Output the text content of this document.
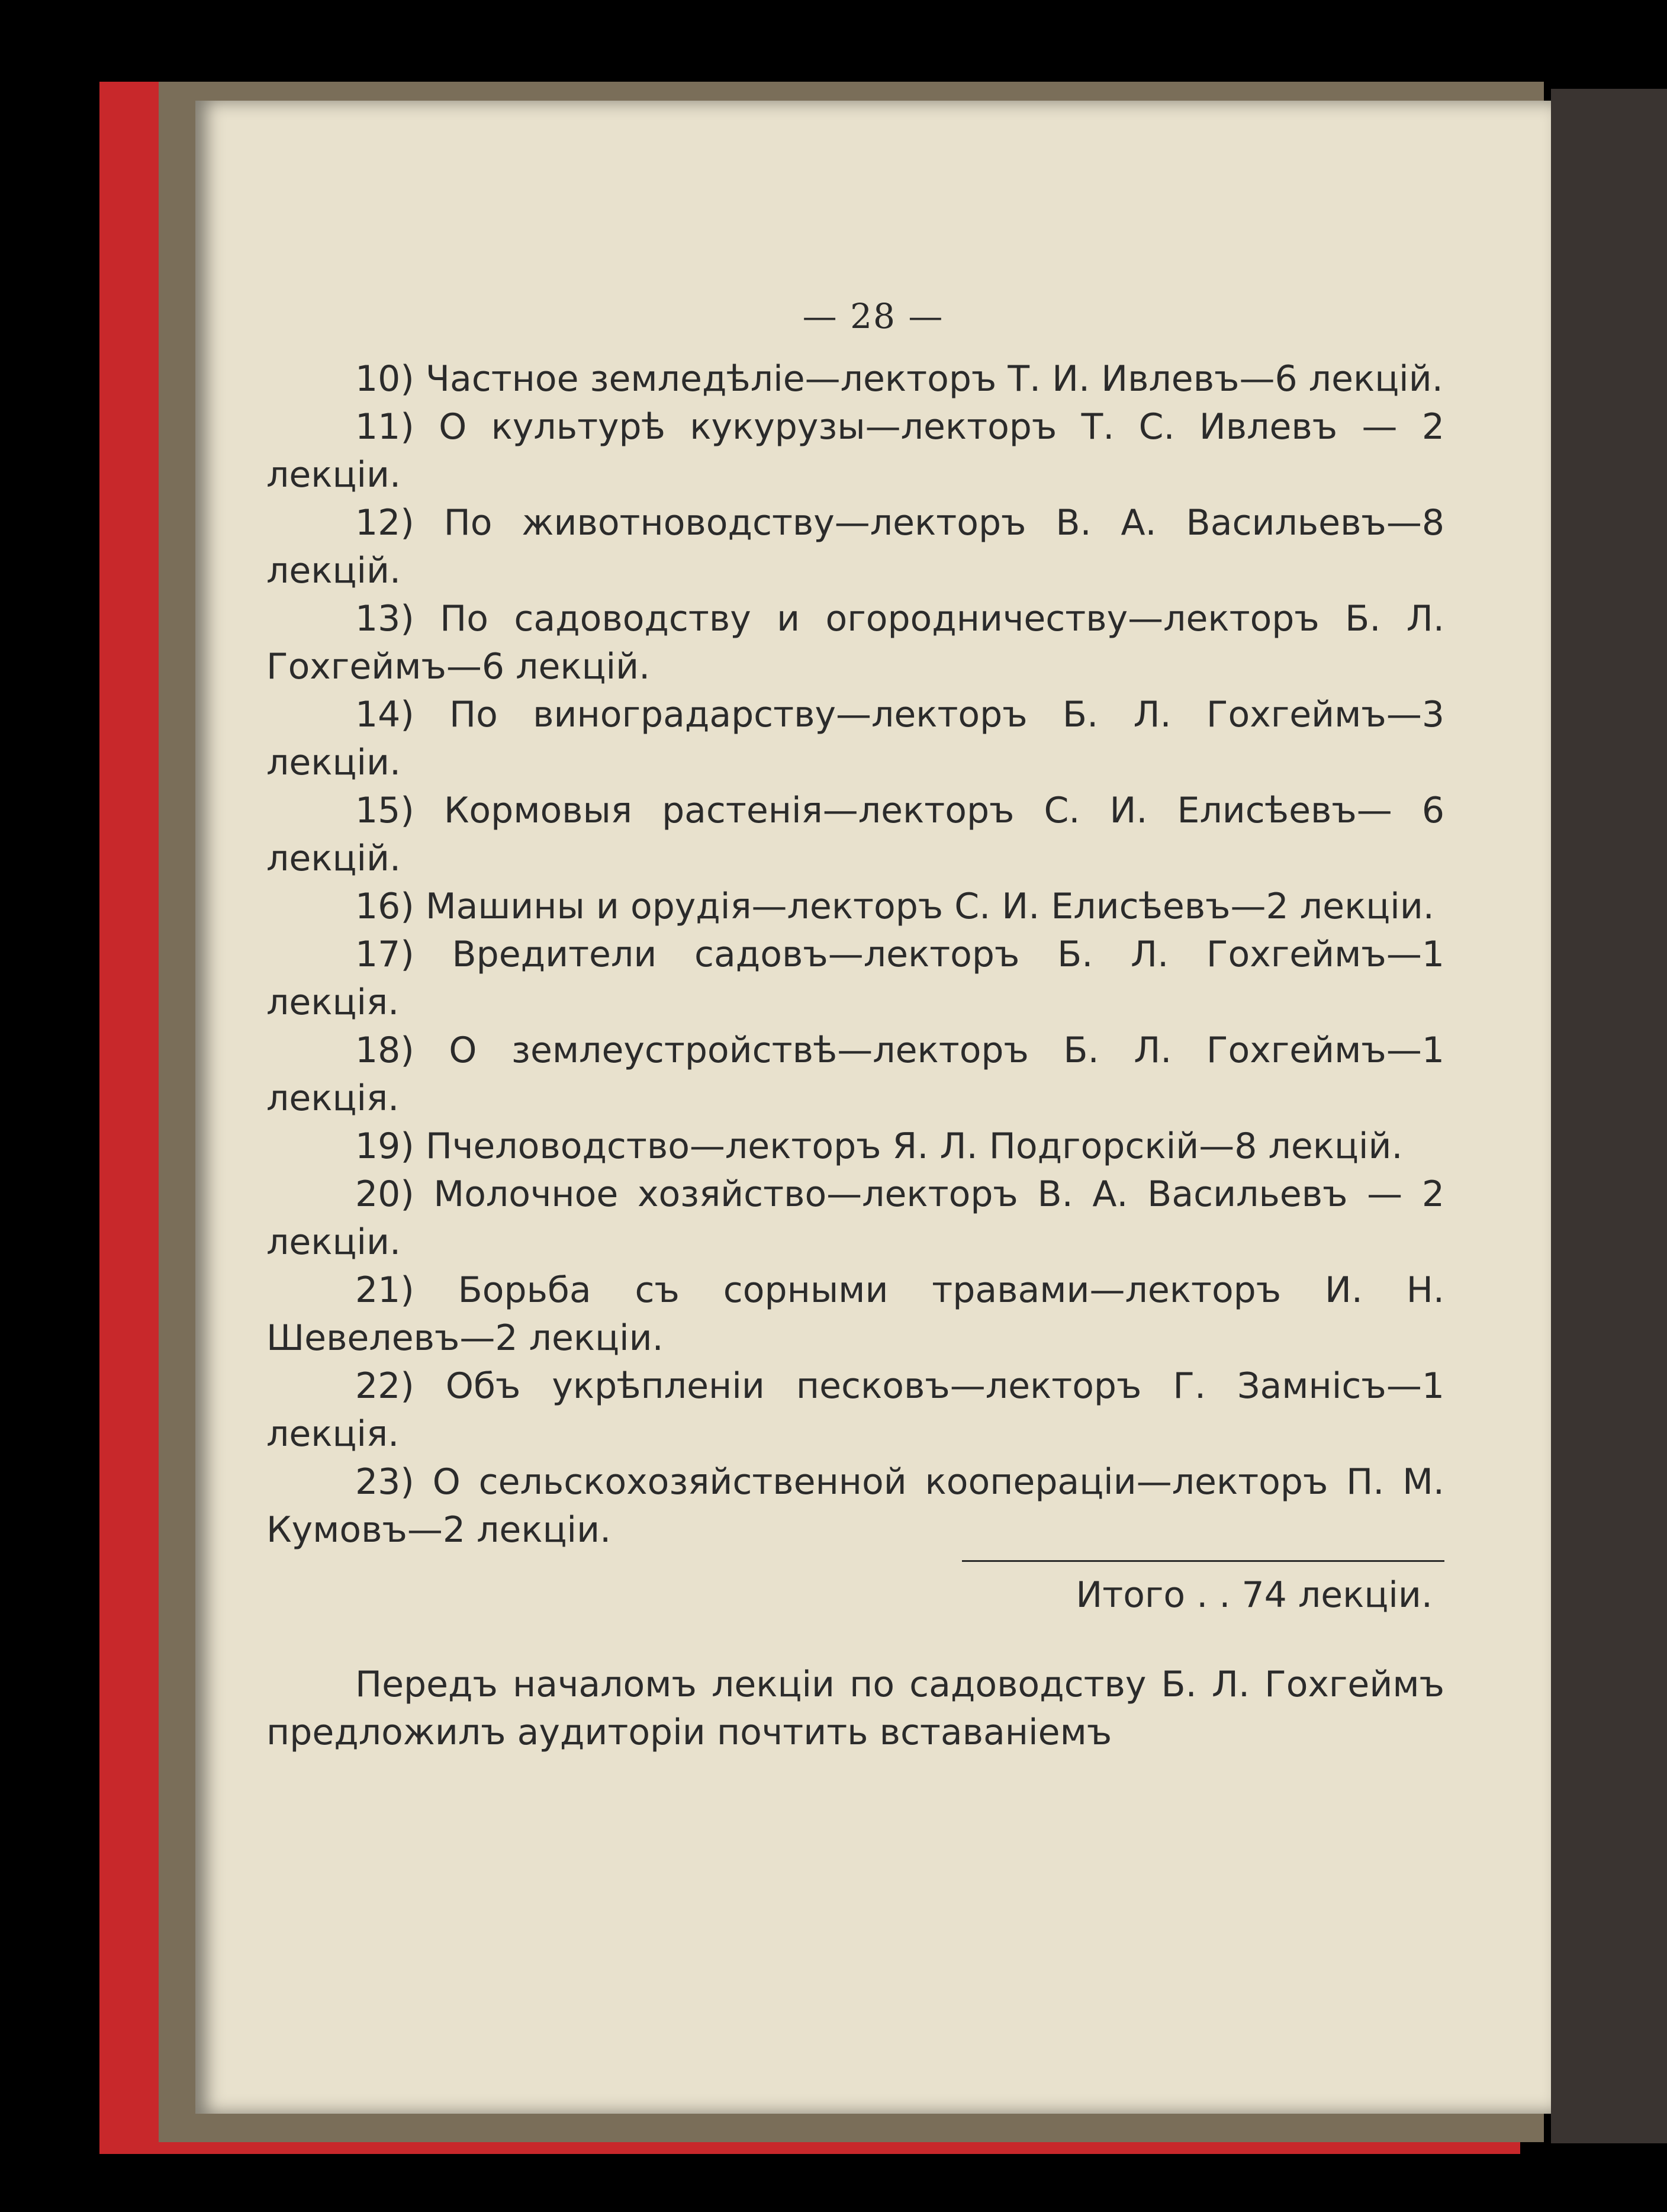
— 28 —
10) Частное земледѣліе—лекторъ Т. И. Ивлевъ—6 лекцій.
11) О культурѣ кукурузы—лекторъ Т. С. Ивлевъ — 2 лекціи.
12) По животноводству—лекторъ В. А. Васильевъ—8 лекцій.
13) По садоводству и огородничеству—лекторъ Б. Л. Гохгеймъ—6 лекцій.
14) По виноградарству—лекторъ Б. Л. Гохгеймъ—3 лекціи.
15) Кормовыя растенія—лекторъ С. И. Елисѣевъ— 6 лекцій.
16) Машины и орудія—лекторъ С. И. Елисѣевъ—2 лекціи.
17) Вредители садовъ—лекторъ Б. Л. Гохгеймъ—1 лекція.
18) О землеустройствѣ—лекторъ Б. Л. Гохгеймъ—1 лекція.
19) Пчеловодство—лекторъ Я. Л. Подгорскій—8 лекцій.
20) Молочное хозяйство—лекторъ В. А. Васильевъ — 2 лекціи.
21) Борьба съ сорными травами—лекторъ И. Н. Шевелевъ—2 лекціи.
22) Объ укрѣпленіи песковъ—лекторъ Г. Замнісъ—1 лекція.
23) О сельскохозяйственной коопераціи—лекторъ П. М. Кумовъ—2 лекціи.
Итого . . 74 лекціи.
Передъ началомъ лекціи по садоводству Б. Л. Гохгеймъ предложилъ аудиторіи почтить вставаніемъ
